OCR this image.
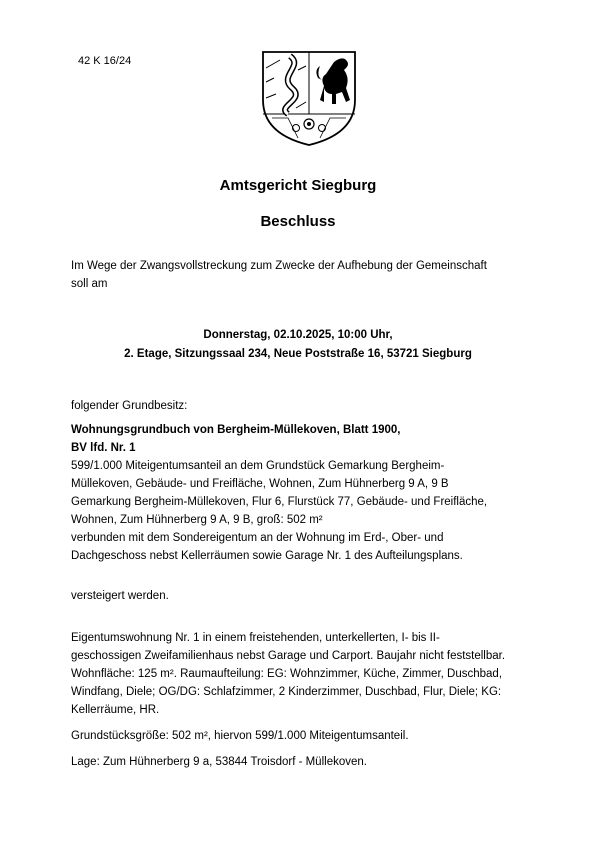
42 K 16/24
Amtsgericht Siegburg
Beschluss

Im Wege der Zwangsvollstreckung zum Zwecke der Aufhebung der Gemeinschaft

soll am

Donnerstag, 02.10.2025, 10:00 Uhr,

2. Etage, Sitzungssaal 234, Neue Poststraße 16, 53721 Siegburg

folgender Grundbesitz:
Wohnungsgrundbuch von Bergheim-Müllekoven, Blatt 1900,
BV lfd. Nr. 1

599/1.000 Miteigentumsanteil an dem Grundstück Gemarkung Bergheim-

Müllekoven, Gebäude- und Freifläche, Wohnen, Zum Hühnerberg 9 A, 9 B

Gemarkung Bergheim-Müllekoven, Flur 6, Flurstück 77, Gebäude- und Freifläche,

Wohnen, Zum Hühnerberg 9 A, 9 B, groß: 502 m²

verbunden mit dem Sondereigentum an der Wohnung im Erd-, Ober- und

Dachgeschoss nebst Kellerräumen sowie Garage Nr. 1 des Aufteilungsplans.

versteigert werden.

Eigentumswohnung Nr. 1 in einem freistehenden, unterkellerten, I- bis II-

geschossigen Zweifamilienhaus nebst Garage und Carport. Baujahr nicht feststellbar.

Wohnfläche: 125 m². Raumaufteilung: EG: Wohnzimmer, Küche, Zimmer, Duschbad,

Windfang, Diele; OG/DG: Schlafzimmer, 2 Kinderzimmer, Duschbad, Flur, Diele; KG:

Kellerräume, HR.

Grundstücksgröße: 502 m², hiervon 599/1.000 Miteigentumsanteil.
Lage: Zum Hühnerberg 9 a, 53844 Troisdorf - Müllekoven.
